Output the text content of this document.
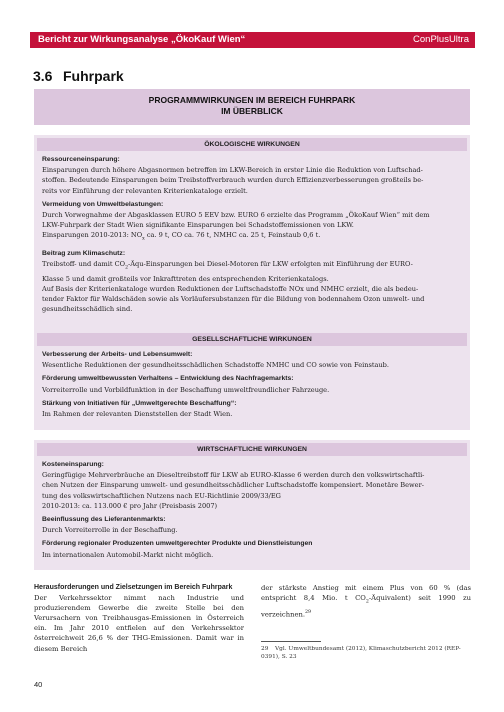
Bericht zur Wirkungsanalyse „ÖkoKauf Wien“	ConPlusUltra
3.6 Fuhrpark
PROGRAMMWIRKUNGEN IM BEREICH FUHRPARK
IM ÜBERBLICK
ÖKOLOGISCHE WIRKUNGEN
Ressourceneinsparung:
Einsparungen durch höhere Abgasnormen betreffen im LKW-Bereich in erster Linie die Reduktion von Luftschad-
stoffen. Bedeutende Einsparungen beim Treibstoffverbrauch wurden durch Effizienzverbesserungen großteils be-
reits vor Einführung der relevanten Kriterienkataloge erzielt.
Vermeidung von Umweltbelastungen:
Durch Vorwegnahme der Abgasklassen EURO 5 EEV bzw. EURO 6 erzielte das Programm „ÖkoKauf Wien“ mit dem
LKW-Fuhrpark der Stadt Wien signifikante Einsparungen bei Schadstoffemissionen von LKW.
Einsparungen 2010-2013: $NO_x$ ca. 9 t, CO ca. 76 t, NMHC ca. 25 t, Feinstaub 0,6 t.
Beitrag zum Klimaschutz:
Treibstoff- und damit $CO_2-Äqu$-Einsparungen bei Diesel-Motoren für LKW erfolgten mit Einführung der EURO-
Klasse 5 und damit großteils vor Inkrafttreten des entsprechenden Kriterienkatalogs.
Auf Basis der Kriterienkataloge wurden Reduktionen der Luftschadstoffe NOx und NMHC erzielt, die als bedeu-
tender Faktor für Waldschäden sowie als Vorläufersubstanzen für die Bildung von bodennahem Ozon umwelt- und
gesundheitsschädlich sind.
GESELLSCHAFTLICHE WIRKUNGEN
Verbesserung der Arbeits- und Lebensumwelt:
Wesentliche Reduktionen der gesundheitsschädlichen Schadstoffe NMHC und CO sowie von Feinstaub.
Förderung umweltbewussten Verhaltens – Entwicklung des Nachfragemarkts:
Vorreiterrolle und Vorbildfunktion in der Beschaffung umweltfreundlicher Fahrzeuge.
Stärkung von Initiativen für „Umweltgerechte Beschaffung“:
Im Rahmen der relevanten Dienststellen der Stadt Wien.
WIRTSCHAFTLICHE WIRKUNGEN
Kosteneinsparung:
Geringfügige Mehrverbräuche an Dieseltreibstoff für LKW ab EURO-Klasse 6 werden durch den volkswirtschaftli-
chen Nutzen der Einsparung umwelt- und gesundheitsschädlicher Luftschadstoffe kompensiert. Monetäre Bewer-
tung des volkswirtschaftlichen Nutzens nach EU-Richtlinie 2009/33/EG
2010-2013: ca. 113.000 € pro Jahr (Preisbasis 2007)
Beeinflussung des Lieferantenmarkts:
Durch Vorreiterrolle in der Beschaffung.
Förderung regionaler Produzenten umweltgerechter Produkte und Dienstleistungen
Im internationalen Automobil-Markt nicht möglich.
Herausforderungen und Zielsetzungen im Bereich Fuhrpark
Der Verkehrssektor nimmt nach Industrie und produzierendem Gewerbe die zweite Stelle bei den Verursachern von Treibhausgas-Emissionen in Österreich ein. Im Jahr 2010 entfielen auf den Verkehrssektor österreichweit 26,6 % der THG-Emissionen. Damit war in diesem Bereich
der stärkste Anstieg mit einem Plus von 60 % (das entspricht 8,4 Mio. t $CO_2-Äquivalent$) seit 1990 zu verzeichnen.$^{29}$
29 Vgl. Umweltbundesamt (2012), Klimaschutzbericht 2012 (REP-0391), S. 23
40
